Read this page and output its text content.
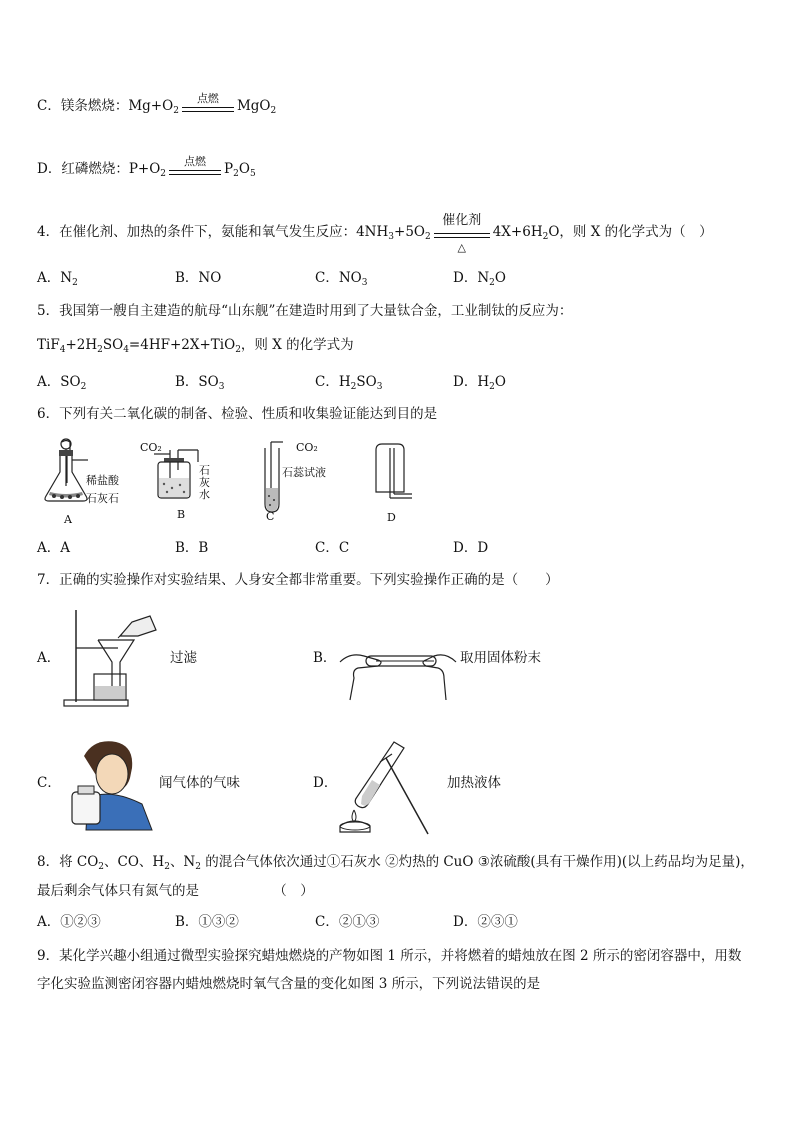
C．镁条燃烧：$Mg+O_2$
点燃	MgO$_2$
D．红磷燃烧：$P+O_2$
点燃	$P_2O_5$
4．在催化剂、加热的条件下，氨能和氧气发生反应：$4NH_3+5O_2$
催化剂
△
$4X+6H_2O$，则 X 的化学式为（　）
A．$N_2$	B．NO	C．$NO_3$	D．$N_2O$
5．我国第一艘自主建造的航母“山东舰”在建造时用到了大量钛合金，工业制钛的反应为：
$TiF_4+2H_2SO_4=4HF+2X+TiO_2$，则 X 的化学式为
A．$SO_2$	B．$SO_3$	C．$H_2SO_3$	D．$H_2O$
6．下列有关二氧化碳的制备、检验、性质和收集验证能达到目的是
稀盐酸
石灰石
A
CO₂
石灰水
B
CO₂
石蕊试液
C	D
A．A	B．B	C．C	D．D
7．正确的实验操作对实验结果、人身安全都非常重要。下列实验操作正确的是（　　）
A．	过滤	B．	取用固体粉末
C．	闻气体的气味	D．	加热液体
8．将 $CO_2$、CO、$H_2$、$N_2$ 的混合气体依次通过①石灰水 ②灼热的 CuO ③浓硫酸(具有干燥作用)(以上药品均为足量)，
最后剩余气体只有氮气的是　　　　　　（　）
A．①②③	B．①③②	C．②①③	D．②③①
9．某化学兴趣小组通过微型实验探究蜡烛燃烧的产物如图 1 所示，并将燃着的蜡烛放在图 2 所示的密闭容器中，用数
字化实验监测密闭容器内蜡烛燃烧时氧气含量的变化如图 3 所示，下列说法错误的是
